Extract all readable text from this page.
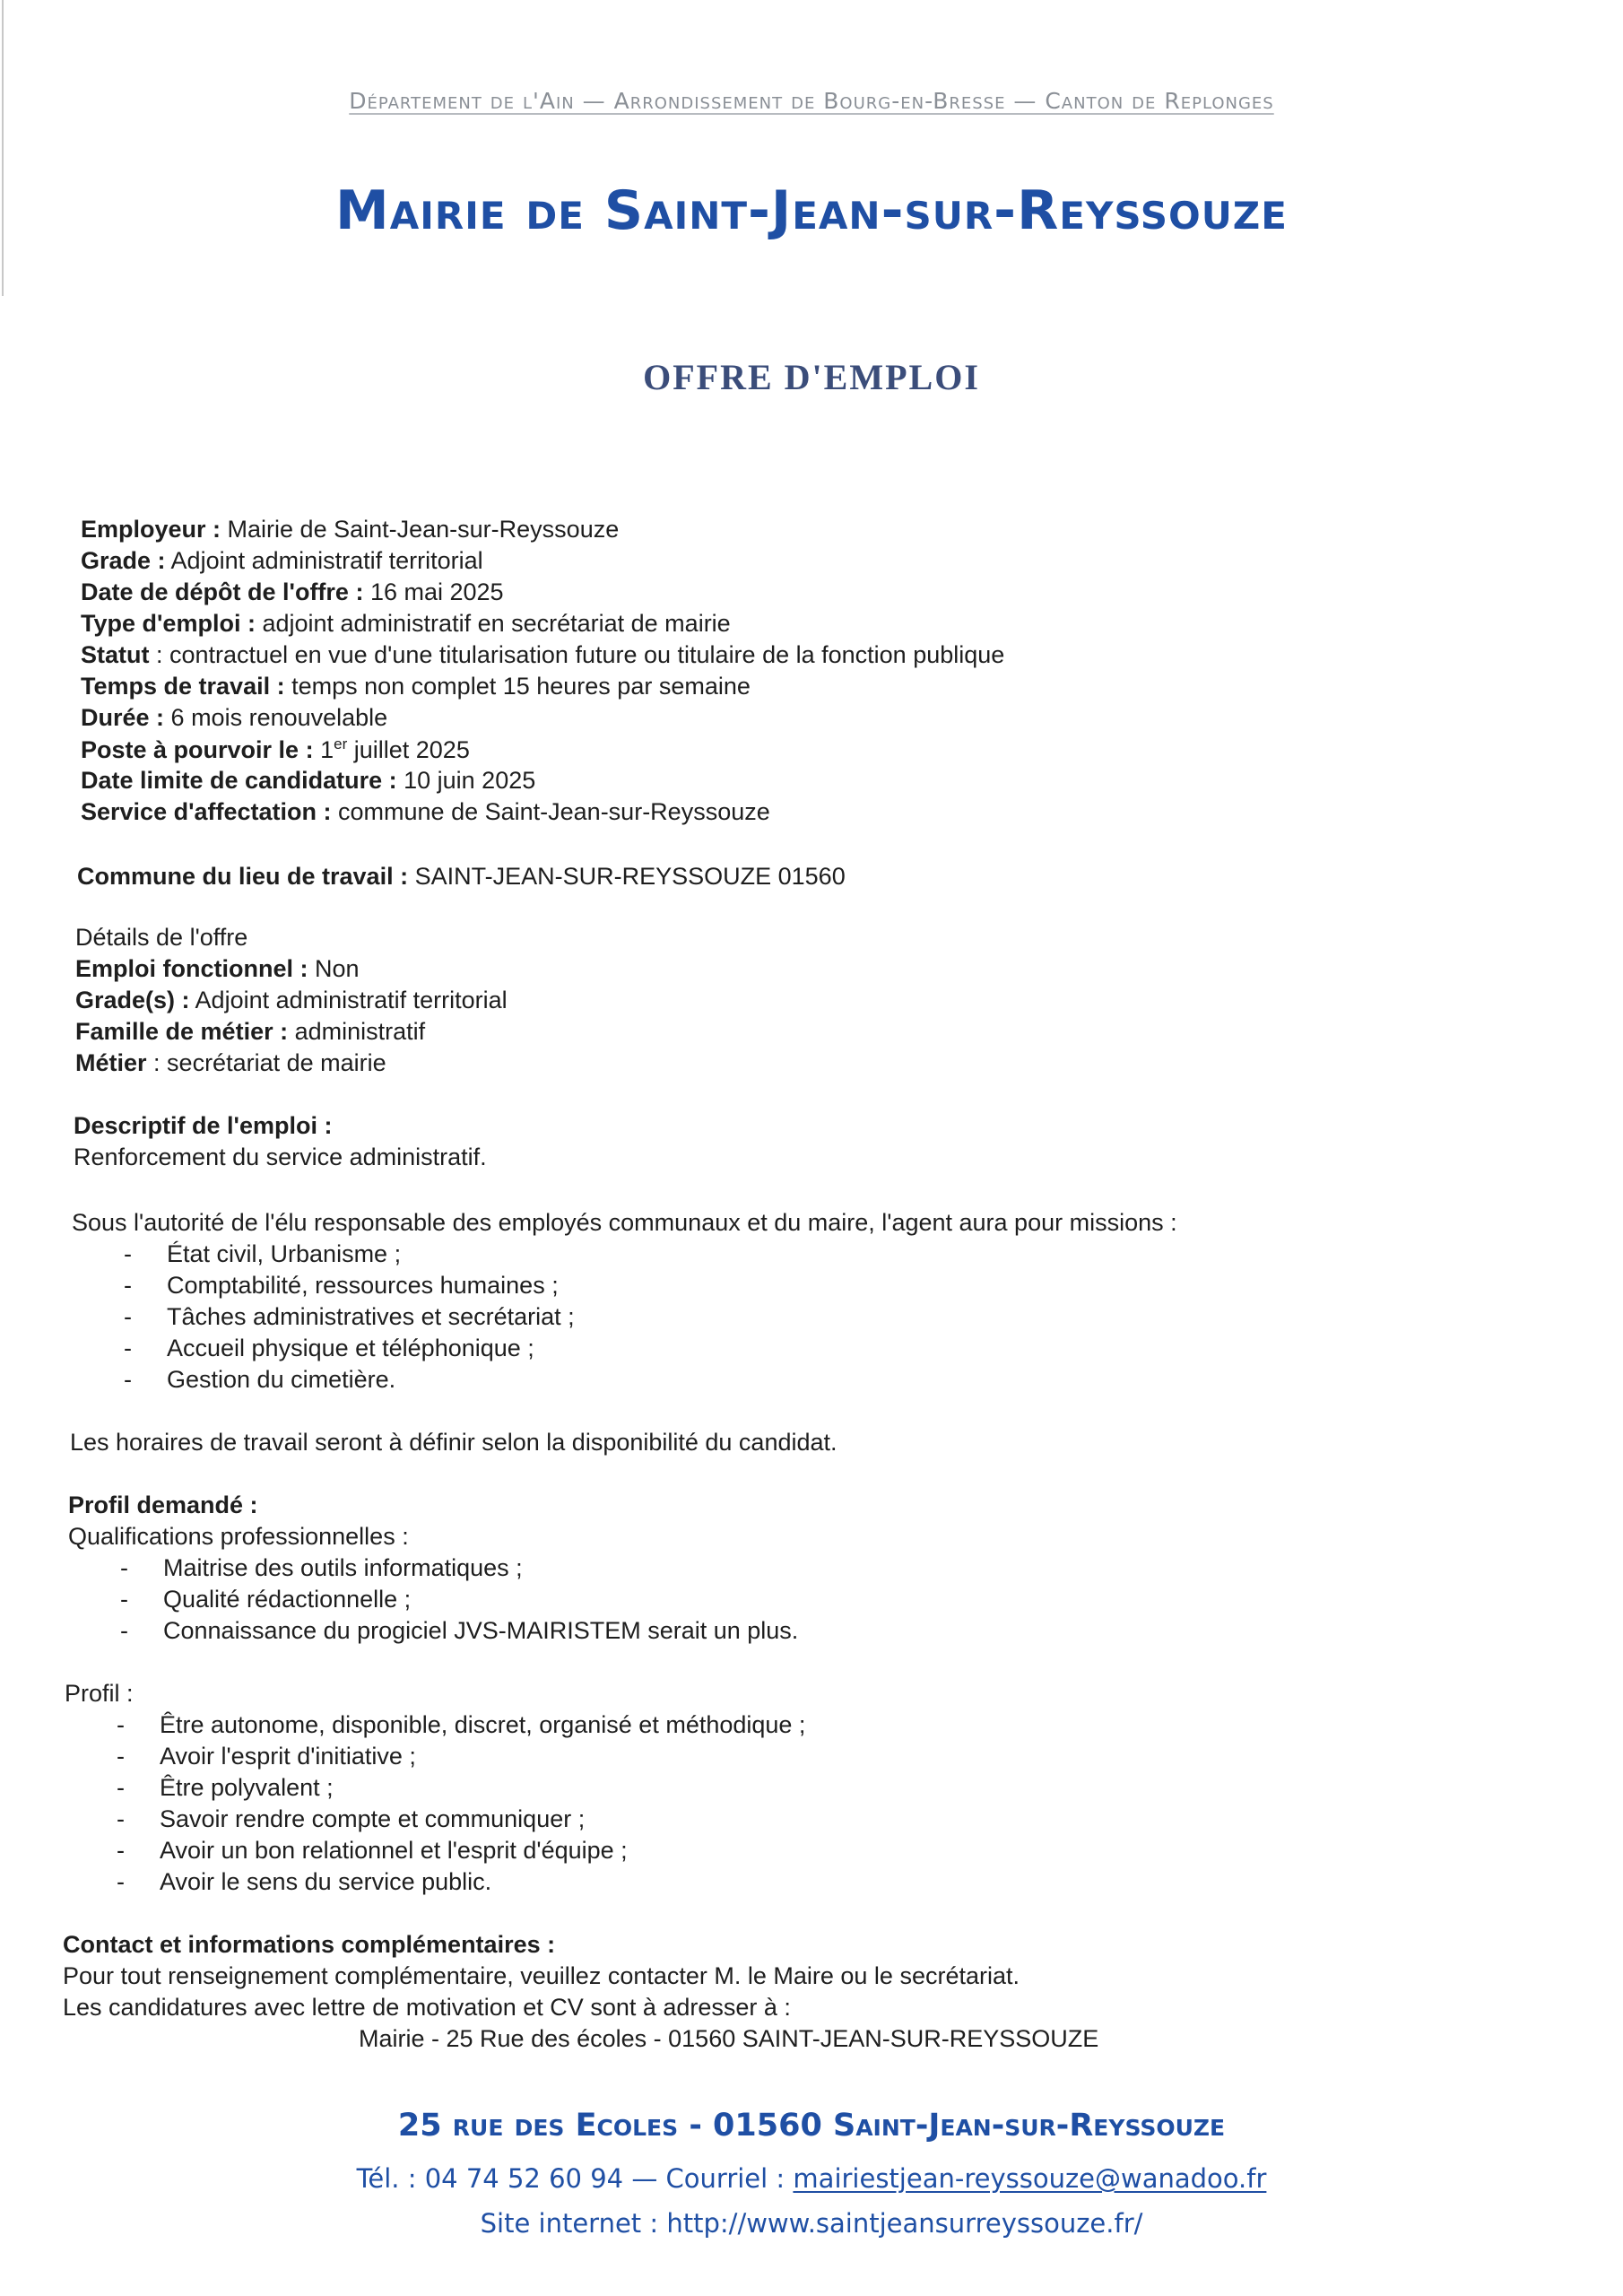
Département de l'Ain — Arrondissement de Bourg-en-Bresse — Canton de Replonges
Mairie de Saint-Jean-sur-Reyssouze
OFFRE D'EMPLOI
Employeur : Mairie de Saint-Jean-sur-Reyssouze
Grade : Adjoint administratif territorial
Date de dépôt de l'offre : 16 mai 2025
Type d'emploi : adjoint administratif en secrétariat de mairie
Statut : contractuel en vue d'une titularisation future ou titulaire de la fonction publique
Temps de travail : temps non complet 15 heures par semaine
Durée : 6 mois renouvelable
Poste à pourvoir le : 1er juillet 2025
Date limite de candidature : 10 juin 2025
Service d'affectation : commune de Saint-Jean-sur-Reyssouze
Commune du lieu de travail : SAINT-JEAN-SUR-REYSSOUZE 01560
Détails de l'offre
Emploi fonctionnel : Non
Grade(s) : Adjoint administratif territorial
Famille de métier : administratif
Métier : secrétariat de mairie
Descriptif de l'emploi :
Renforcement du service administratif.
Sous l'autorité de l'élu responsable des employés communaux et du maire, l'agent aura pour missions :
- État civil, Urbanisme ;
- Comptabilité, ressources humaines ;
- Tâches administratives et secrétariat ;
- Accueil physique et téléphonique ;
- Gestion du cimetière.
Les horaires de travail seront à définir selon la disponibilité du candidat.
Profil demandé :
Qualifications professionnelles :
- Maitrise des outils informatiques ;
- Qualité rédactionnelle ;
- Connaissance du progiciel JVS-MAIRISTEM serait un plus.
Profil :
- Être autonome, disponible, discret, organisé et méthodique ;
- Avoir l'esprit d'initiative ;
- Être polyvalent ;
- Savoir rendre compte et communiquer ;
- Avoir un bon relationnel et l'esprit d'équipe ;
- Avoir le sens du service public.
Contact et informations complémentaires :
Pour tout renseignement complémentaire, veuillez contacter M. le Maire ou le secrétariat.
Les candidatures avec lettre de motivation et CV sont à adresser à :
Mairie - 25 Rue des écoles - 01560 SAINT-JEAN-SUR-REYSSOUZE
25 rue des Ecoles - 01560 Saint-Jean-sur-Reyssouze
Tél. : 04 74 52 60 94 — Courriel : mairiestjean-reyssouze@wanadoo.fr
Site internet : http://www.saintjeansurreyssouze.fr/
